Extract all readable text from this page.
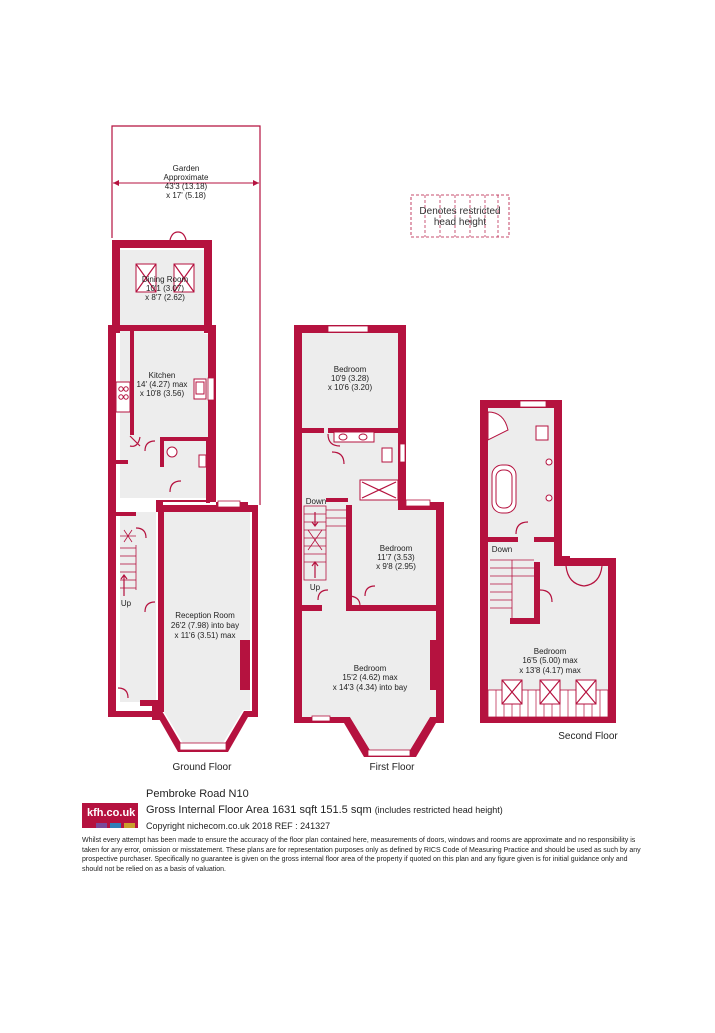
Denotes restricted
head height
Garden
Approximate
43'3 (13.18)
x 17' (5.18)
Dining Room
10'1 (3.07)
x 8'7 (2.62)
Kitchen
14' (4.27) max
x 10'8 (3.56)
Reception Room
26'2 (7.98) into bay
x 11'6 (3.51) max
Bedroom
10'9 (3.28)
x 10'6 (3.20)
Bedroom
11'7 (3.53)
x 9'8 (2.95)
Bedroom
15'2 (4.62) max
x 14'3 (4.34) into bay
Bedroom
16'5 (5.00) max
x 13'8 (4.17) max
Up
Down
Up
Down
Ground Floor	First Floor
Second Floor
kfh.co.uk
Pembroke Road N10
Gross Internal Floor Area 1631 sqft 151.5 sqm (includes restricted head height)
Copyright nichecom.co.uk 2018 REF : 241327
Whilst every attempt has been made to ensure the accuracy of the floor plan contained here, measurements of doors, windows and rooms are approximate and no responsibility is taken for any error, omission or misstatement. These plans are for representation purposes only as defined by RICS Code of Measuring Practice and should be used as such by any prospective purchaser. Specifically no guarantee is given on the gross internal floor area of the property if quoted on this plan and any figure given is for initial guidance only and should not be relied on as a basis of valuation.
